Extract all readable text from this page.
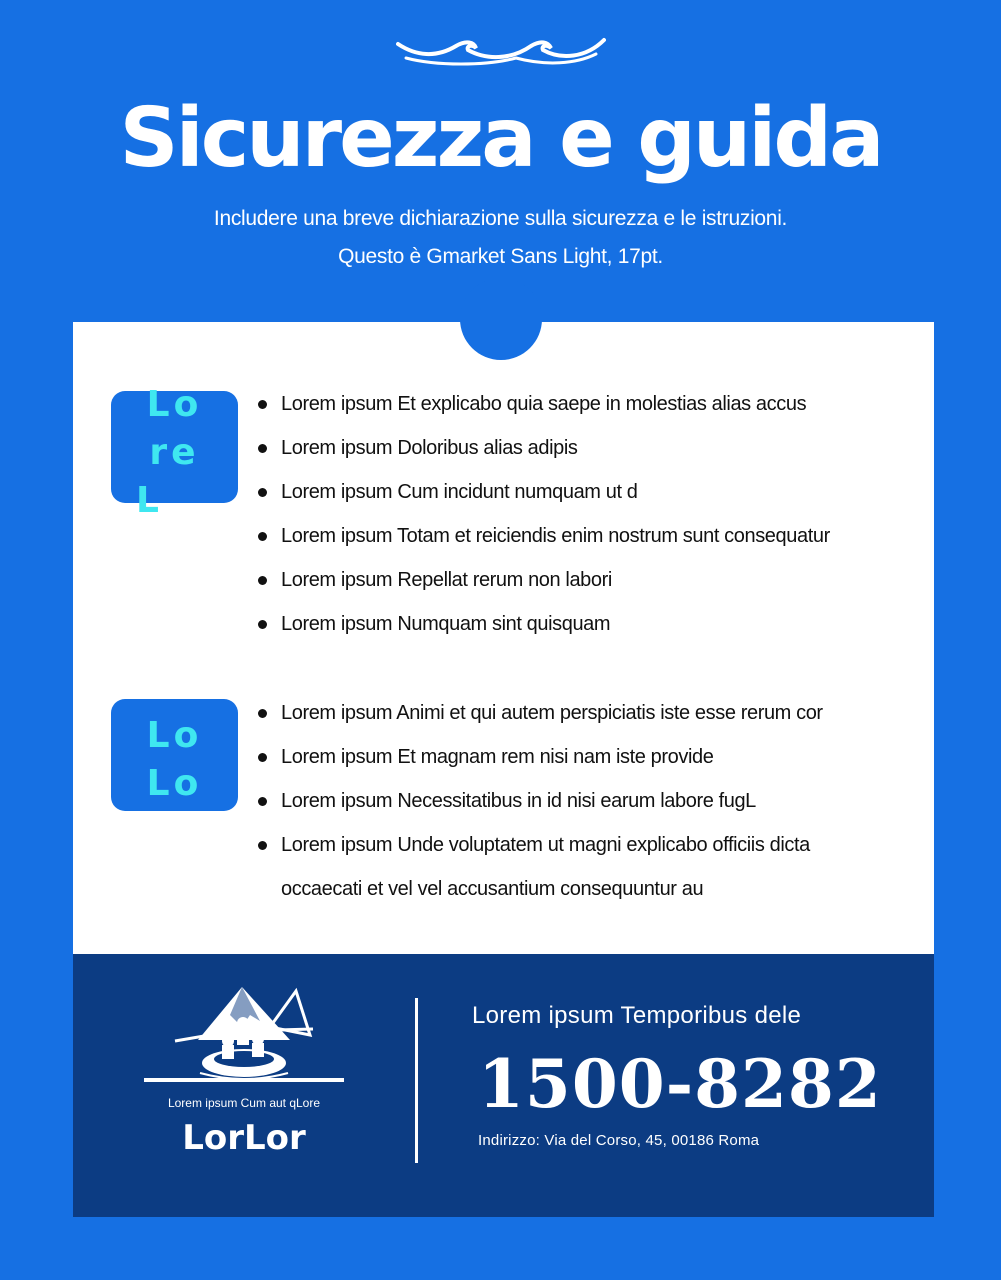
Sicurezza e guida
Includere una breve dichiarazione sulla sicurezza e le istruzioni.
Questo è Gmarket Sans Light, 17pt.
Lo
re
L
Lorem ipsum Et explicabo quia saepe in molestias alias accus
Lorem ipsum Doloribus alias adipis
Lorem ipsum Cum incidunt numquam ut d
Lorem ipsum Totam et reiciendis enim nostrum sunt consequatur
Lorem ipsum Repellat rerum non labori
Lorem ipsum Numquam sint quisquam
Lo
Lo
Lorem ipsum Animi et qui autem perspiciatis iste esse rerum cor
Lorem ipsum Et magnam rem nisi nam iste provide
Lorem ipsum Necessitatibus in id nisi earum labore fugL
Lorem ipsum Unde voluptatem ut magni explicabo officiis dicta
occaecati et vel vel accusantium consequuntur au
Lorem ipsum Cum aut qLore
LorLor
Lorem ipsum Temporibus dele
1500-8282
Indirizzo: Via del Corso, 45, 00186 Roma
